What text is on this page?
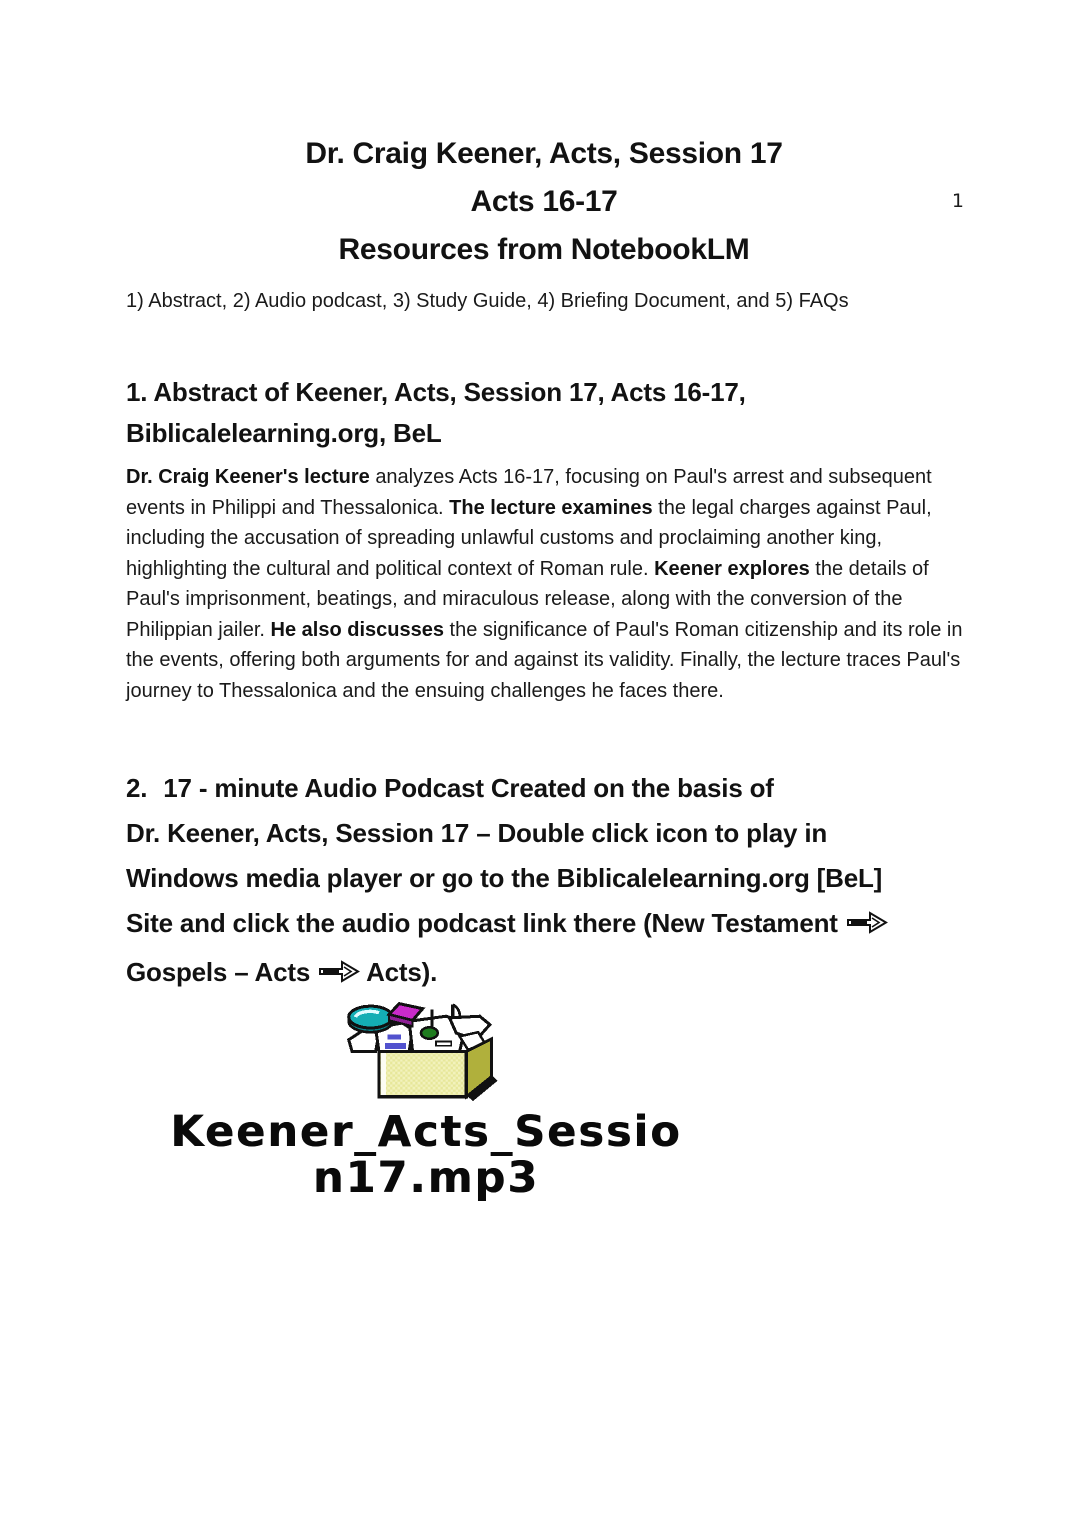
1
Dr. Craig Keener, Acts, Session 17
Acts 16-17
Resources from NotebookLM
1) Abstract, 2) Audio podcast, 3) Study Guide, 4) Briefing Document, and 5) FAQs
1. Abstract of Keener, Acts, Session 17, Acts 16-17,
Biblicalelearning.org, BeL

Dr. Craig Keener's lecture analyzes Acts 16-17, focusing on Paul's arrest and subsequent events in Philippi and Thessalonica. The lecture examines the legal charges against Paul, including the accusation of spreading unlawful customs and proclaiming another king, highlighting the cultural and political context of Roman rule. Keener explores the details of Paul's imprisonment, beatings, and miraculous release, along with the conversion of the Philippian jailer. He also discusses the significance of Paul's Roman citizenship and its role in the events, offering both arguments for and against its validity. Finally, the lecture traces Paul's journey to Thessalonica and the ensuing challenges he faces there.

2. 17 - minute Audio Podcast Created on the basis of
Dr. Keener, Acts, Session 17 – Double click icon to play in
Windows media player or go to the Biblicalelearning.org [BeL]
Site and click the audio podcast link there (New Testament
Gospels – Acts Acts).
Keener_Acts_Sessio
n17.mp3
